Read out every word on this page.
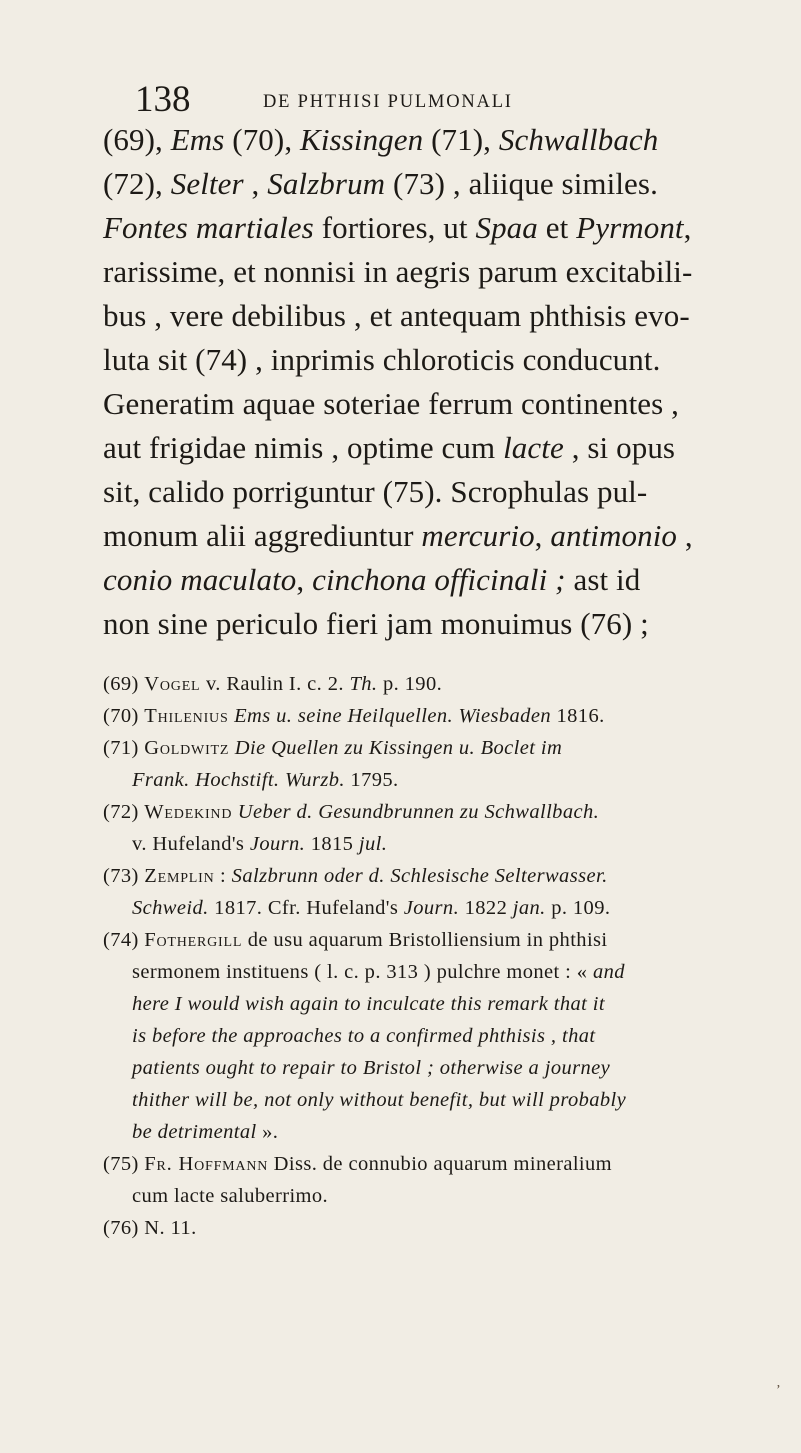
138	DE PHTHISI PULMONALI
(69), Ems (70), Kissingen (71), Schwallbach
(72), Selter , Salzbrum (73) , aliique similes.
Fontes martiales fortiores, ut Spaa et Pyrmont,
rarissime, et nonnisi in aegris parum excitabili-
bus , vere debilibus , et antequam phthisis evo-
luta sit (74) , inprimis chloroticis conducunt.
Generatim aquae soteriae ferrum continentes ,
aut frigidae nimis , optime cum lacte , si opus
sit, calido porriguntur (75). Scrophulas pul-
monum alii aggrediuntur mercurio, antimonio ,
conio maculato, cinchona officinali ; ast id
non sine periculo fieri jam monuimus (76) ;
(69) Vogel v. Raulin I. c. 2. Th. p. 190.
(70) Thilenius Ems u. seine Heilquellen. Wiesbaden 1816.
(71) Goldwitz Die Quellen zu Kissingen u. Boclet im
Frank. Hochstift. Wurzb. 1795.
(72) Wedekind Ueber d. Gesundbrunnen zu Schwallbach.
v. Hufeland's Journ. 1815 jul.
(73) Zemplin : Salzbrunn oder d. Schlesische Selterwasser.
Schweid. 1817. Cfr. Hufeland's Journ. 1822 jan. p. 109.
(74) Fothergill de usu aquarum Bristolliensium in phthisi
sermonem instituens ( l. c. p. 313 ) pulchre monet : « and
here I would wish again to inculcate this remark that it
is before the approaches to a confirmed phthisis , that
patients ought to repair to Bristol ; otherwise a journey
thither will be, not only without benefit, but will probably
be detrimental ».
(75) Fr. Hoffmann Diss. de connubio aquarum mineralium
cum lacte saluberrimo.
(76) N. 11.
’
